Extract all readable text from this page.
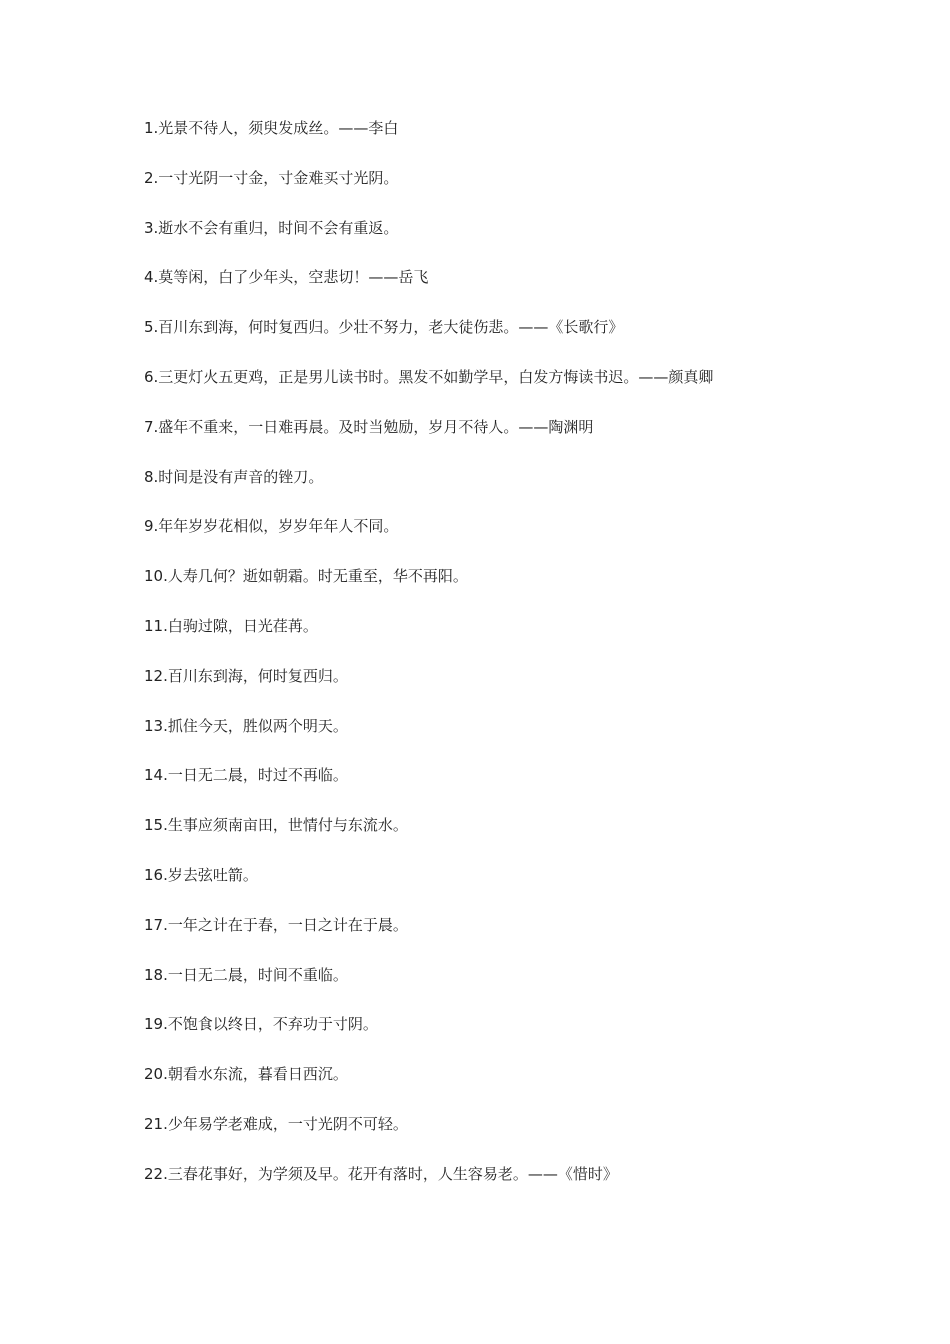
1.光景不待人，须臾发成丝。——李白
2.一寸光阴一寸金，寸金难买寸光阴。
3.逝水不会有重归，时间不会有重返。
4.莫等闲，白了少年头，空悲切！——岳飞
5.百川东到海，何时复西归。少壮不努力，老大徒伤悲。——《长歌行》
6.三更灯火五更鸡，正是男儿读书时。黑发不如勤学早，白发方悔读书迟。——颜真卿
7.盛年不重来，一日难再晨。及时当勉励，岁月不待人。——陶渊明
8.时间是没有声音的锉刀。
9.年年岁岁花相似，岁岁年年人不同。
10.人寿几何？逝如朝霜。时无重至，华不再阳。
11.白驹过隙，日光荏苒。
12.百川东到海，何时复西归。
13.抓住今天，胜似两个明天。
14.一日无二晨，时过不再临。
15.生事应须南亩田，世情付与东流水。
16.岁去弦吐箭。
17.一年之计在于春，一日之计在于晨。
18.一日无二晨，时间不重临。
19.不饱食以终日，不弃功于寸阴。
20.朝看水东流，暮看日西沉。
21.少年易学老难成，一寸光阴不可轻。
22.三春花事好，为学须及早。花开有落时，人生容易老。——《惜时》
